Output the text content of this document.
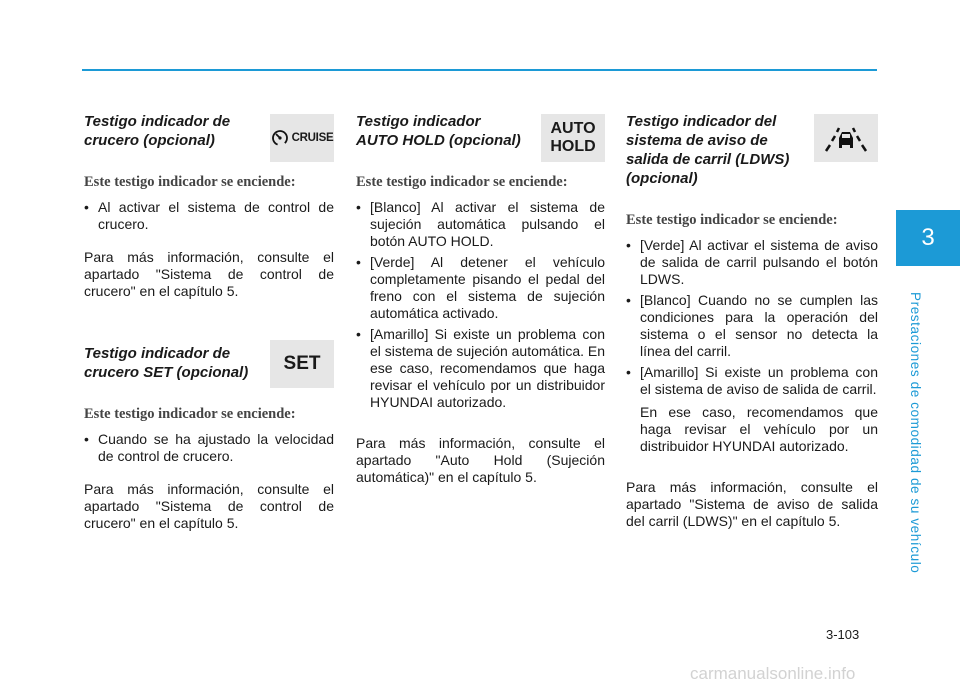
3
Prestaciones de comodidad de su vehículo
Testigo indicador de
crucero (opcional)	CRUISE

Este testigo indicador se enciende:

• Al activar el sistema de control de crucero.

Para más información, consulte el apartado "Sistema de control de crucero" en el capítulo 5.

Testigo indicador de
crucero SET (opcional)	SET

Este testigo indicador se enciende:

• Cuando se ha ajustado la velocidad de control de crucero.

Para más información, consulte el apartado "Sistema de control de crucero" en el capítulo 5.

Testigo indicador
AUTO HOLD (opcional)
AUTO
HOLD

Este testigo indicador se enciende:

• [Blanco] Al activar el sistema de sujeción automática pulsando el botón AUTO HOLD.
• [Verde] Al detener el vehículo completamente pisando el pedal del freno con el sistema de sujeción automática activado.
• [Amarillo] Si existe un problema con el sistema de sujeción automática. En ese caso, recomendamos que haga revisar el vehículo por un distribuidor HYUNDAI autorizado.

Para más información, consulte el apartado "Auto Hold (Sujeción automática)" en el capítulo 5.

Testigo indicador del
sistema de aviso de
salida de carril (LDWS)
(opcional)

Este testigo indicador se enciende:

• [Verde] Al activar el sistema de aviso de salida de carril pulsando el botón LDWS.
• [Blanco] Cuando no se cumplen las condiciones para la operación del sistema o el sensor no detecta la línea del carril.
• [Amarillo] Si existe un problema con el sistema de aviso de salida de carril.

En ese caso, recomendamos que haga revisar el vehículo por un distribuidor HYUNDAI autorizado.

Para más información, consulte el apartado "Sistema de aviso de salida del carril (LDWS)" en el capítulo 5.

3-103
carmanualsonline.info
